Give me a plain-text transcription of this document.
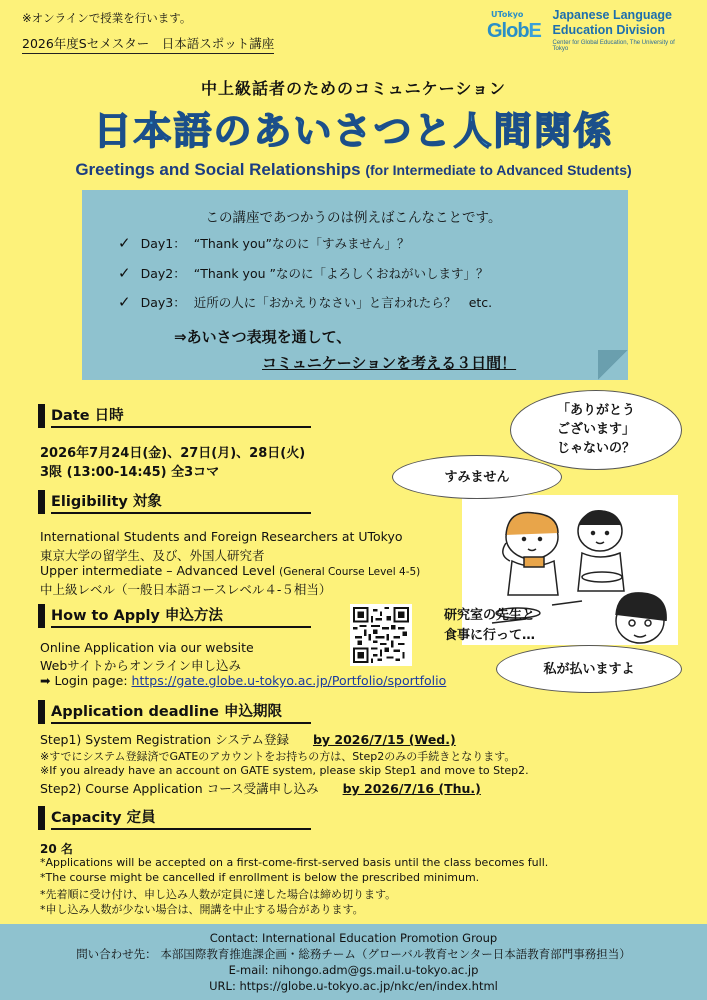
※オンラインで授業を行います。
2026年度Sセメスター　日本語スポット講座
UTokyo
GlobE
Japanese Language
Education Division
Center for Global Education, The University of Tokyo
中上級話者のためのコミュニケーション
日本語のあいさつと人間関係
Greetings and Social Relationships (for Intermediate to Advanced Students)
この講座であつかうのは例えばこんなことです。
✓ Day1： “Thank you”なのに「すみません」？
✓ Day2： “Thank you ”なのに「よろしくおねがいします」？
✓ Day3： 近所の人に「おかえりなさい」と言われたら？　etc.
⇒あいさつ表現を通して、
コミュニケーションを考える３日間！
Date 日時
2026年7月24日(金)、27日(月)、28日(火)
3限 (13:00-14:45) 全3コマ
Eligibility 対象
International Students and Foreign Researchers at UTokyo
東京大学の留学生、及び、外国人研究者
Upper intermediate – Advanced Level (General Course Level 4-5)
中上級レベル（一般日本語コースレベル４-５相当）
How to Apply 申込方法
Online Application via our website
Webサイトからオンライン申し込み
➡ Login page: https://gate.globe.u-tokyo.ac.jp/Portfolio/sportfolio
Application deadline 申込期限
Step1) System Registration システム登録 by 2026/7/15 (Wed.)
※すでにシステム登録済でGATEのアカウントをお持ちの方は、Step2のみの手続きとなります。
※If you already have an account on GATE system, please skip Step1 and move to Step2.
Step2) Course Application コース受講申し込み by 2026/7/16 (Thu.)
Capacity 定員
20 名
*Applications will be accepted on a first-come-first-served basis until the class becomes full.
*The course might be cancelled if enrollment is below the prescribed minimum.
*先着順に受け付け、申し込み人数が定員に達した場合は締め切ります。
*申し込み人数が少ない場合は、開講を中止する場合があります。
「ありがとう
ございます」
じゃないの？
すみません
研究室の先生と
食事に行って…
私が払いますよ
Contact: International Education Promotion Group
問い合わせ先： 本部国際教育推進課企画・総務チーム（グローバル教育センター日本語教育部門事務担当）
E-mail: nihongo.adm@gs.mail.u-tokyo.ac.jp
URL: https://globe.u-tokyo.ac.jp/nkc/en/index.html
